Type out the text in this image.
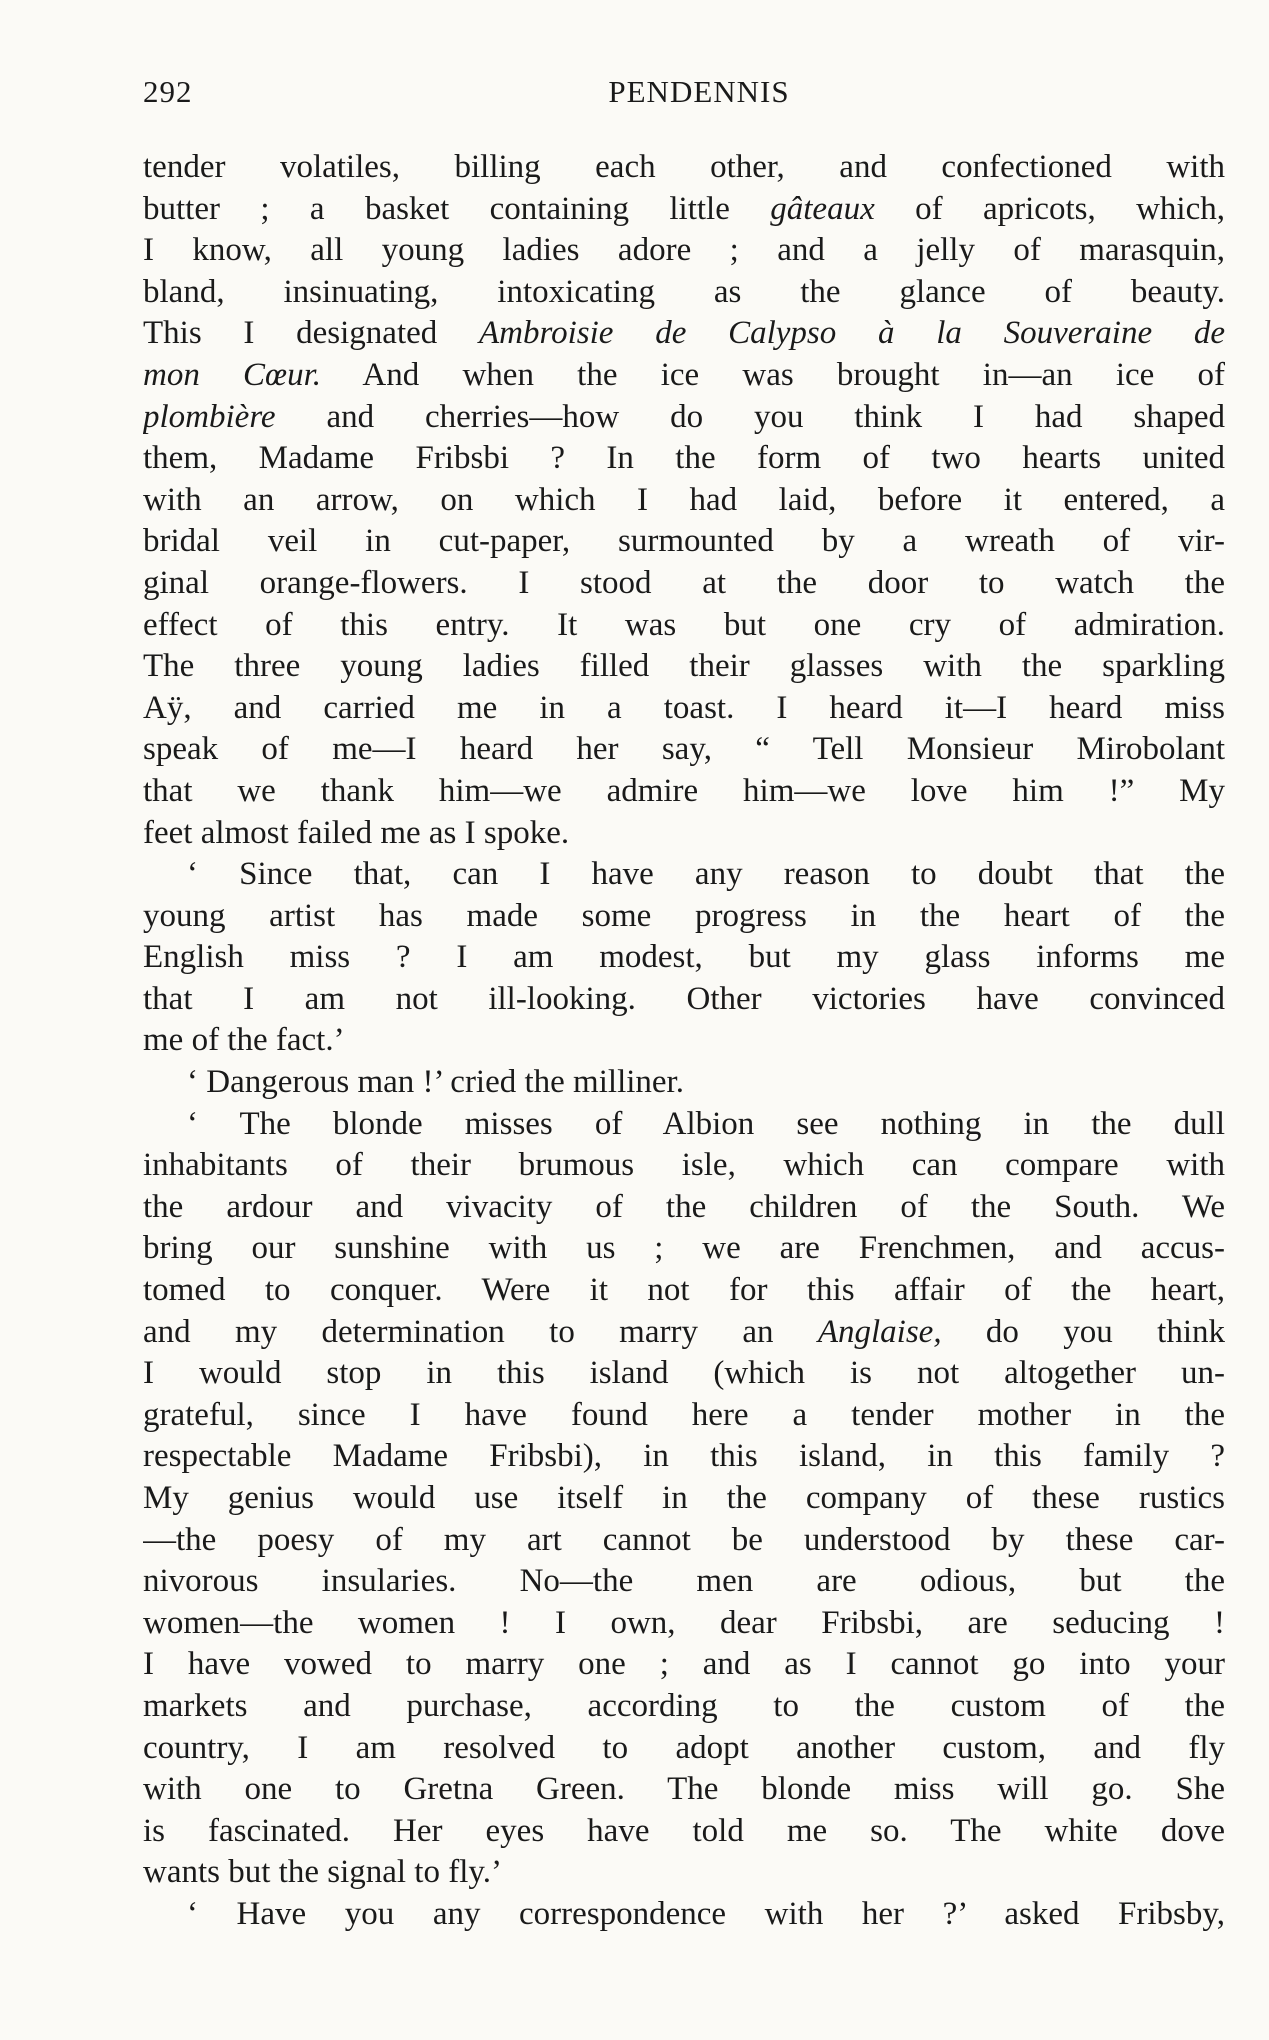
292	PENDENNIS
tender volatiles, billing each other, and confectioned with
butter ; a basket containing little gâteaux of apricots, which,
I know, all young ladies adore ; and a jelly of marasquin,
bland, insinuating, intoxicating as the glance of beauty.
This I designated Ambroisie de Calypso à la Souveraine de
mon Cœur. And when the ice was brought in—an ice of
plombière and cherries—how do you think I had shaped
them, Madame Fribsbi ? In the form of two hearts united
with an arrow, on which I had laid, before it entered, a
bridal veil in cut-paper, surmounted by a wreath of vir-
ginal orange-flowers. I stood at the door to watch the
effect of this entry. It was but one cry of admiration.
The three young ladies filled their glasses with the sparkling
Aÿ, and carried me in a toast. I heard it—I heard miss
speak of me—I heard her say, “ Tell Monsieur Mirobolant
that we thank him—we admire him—we love him !” My
feet almost failed me as I spoke.
‘ Since that, can I have any reason to doubt that the
young artist has made some progress in the heart of the
English miss ? I am modest, but my glass informs me
that I am not ill-looking. Other victories have convinced
me of the fact.’
‘ Dangerous man !’ cried the milliner.
‘ The blonde misses of Albion see nothing in the dull
inhabitants of their brumous isle, which can compare with
the ardour and vivacity of the children of the South. We
bring our sunshine with us ; we are Frenchmen, and accus-
tomed to conquer. Were it not for this affair of the heart,
and my determination to marry an Anglaise, do you think
I would stop in this island (which is not altogether un-
grateful, since I have found here a tender mother in the
respectable Madame Fribsbi), in this island, in this family ?
My genius would use itself in the company of these rustics
—the poesy of my art cannot be understood by these car-
nivorous insularies. No—the men are odious, but the
women—the women ! I own, dear Fribsbi, are seducing !
I have vowed to marry one ; and as I cannot go into your
markets and purchase, according to the custom of the
country, I am resolved to adopt another custom, and fly
with one to Gretna Green. The blonde miss will go. She
is fascinated. Her eyes have told me so. The white dove
wants but the signal to fly.’
‘ Have you any correspondence with her ?’ asked Fribsby,
